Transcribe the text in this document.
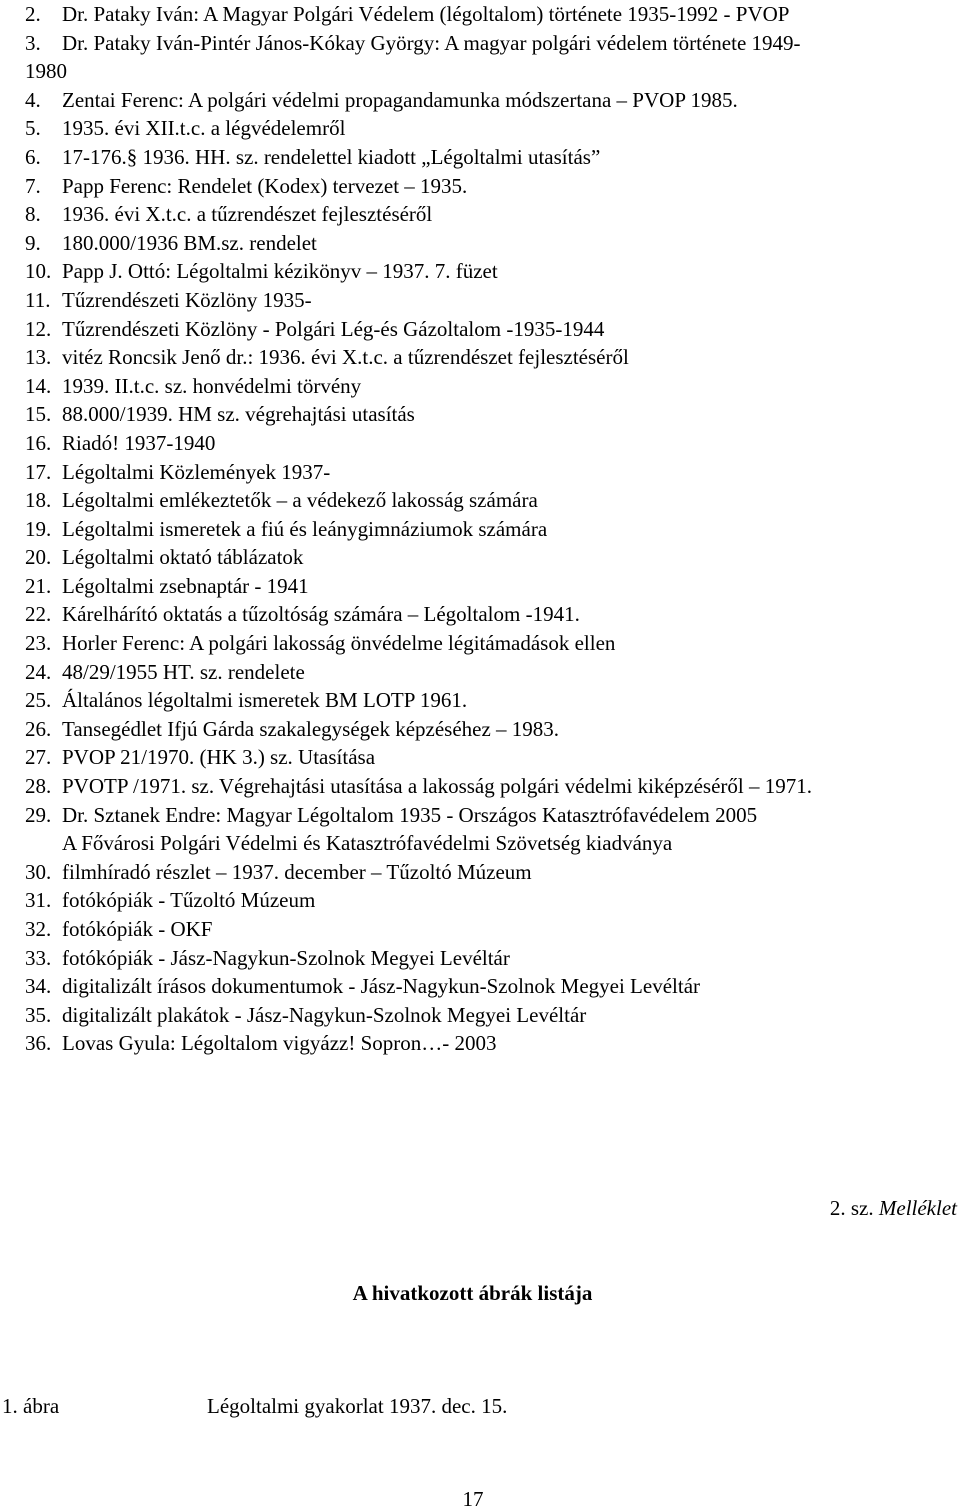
2.	Dr. Pataky Iván: A Magyar Polgári Védelem (légoltalom) története 1935-1992 - PVOP
3.	Dr. Pataky Iván-Pintér János-Kókay György: A magyar polgári védelem története 1949-
1980
4.	Zentai Ferenc: A polgári védelmi propagandamunka módszertana – PVOP 1985.
5.	1935. évi XII.t.c. a légvédelemről
6.	17-176.§ 1936. HH. sz. rendelettel kiadott „Légoltalmi utasítás”
7.	Papp Ferenc: Rendelet (Kodex) tervezet – 1935.
8.	1936. évi X.t.c. a tűzrendészet fejlesztéséről
9.	180.000/1936 BM.sz. rendelet
10. Papp J. Ottó: Légoltalmi kézikönyv – 1937. 7. füzet
11. Tűzrendészeti Közlöny 1935-
12. Tűzrendészeti Közlöny - Polgári Lég-és Gázoltalom -1935-1944
13. vitéz Roncsik Jenő dr.: 1936. évi X.t.c. a tűzrendészet fejlesztéséről
14. 1939. II.t.c. sz. honvédelmi törvény
15. 88.000/1939. HM sz. végrehajtási utasítás
16. Riadó! 1937-1940
17. Légoltalmi Közlemények 1937-
18. Légoltalmi emlékeztetők – a védekező lakosság számára
19. Légoltalmi ismeretek a fiú és leánygimnáziumok számára
20. Légoltalmi oktató táblázatok
21. Légoltalmi zsebnaptár - 1941
22. Kárelhárító oktatás a tűzoltóság számára – Légoltalom -1941.
23. Horler Ferenc: A polgári lakosság önvédelme légitámadások ellen
24. 48/29/1955 HT. sz. rendelete
25. Általános légoltalmi ismeretek BM LOTP 1961.
26. Tansegédlet Ifjú Gárda szakalegységek képzéséhez – 1983.
27. PVOP 21/1970. (HK 3.) sz. Utasítása
28. PVOTP /1971. sz. Végrehajtási utasítása a lakosság polgári védelmi kiképzéséről – 1971.
29. Dr. Sztanek Endre: Magyar Légoltalom 1935 - Országos Katasztrófavédelem 2005
A Fővárosi Polgári Védelmi és Katasztrófavédelmi Szövetség kiadványa
30. filmhíradó részlet – 1937. december – Tűzoltó Múzeum
31. fotókópiák - Tűzoltó Múzeum
32. fotókópiák - OKF
33. fotókópiák - Jász-Nagykun-Szolnok Megyei Levéltár
34. digitalizált írásos dokumentumok - Jász-Nagykun-Szolnok Megyei Levéltár
35. digitalizált plakátok - Jász-Nagykun-Szolnok Megyei Levéltár
36. Lovas Gyula: Légoltalom vigyázz! Sopron…- 2003
2. sz. Melléklet
A hivatkozott ábrák listája
1. ábra	Légoltalmi gyakorlat 1937. dec. 15.
17
